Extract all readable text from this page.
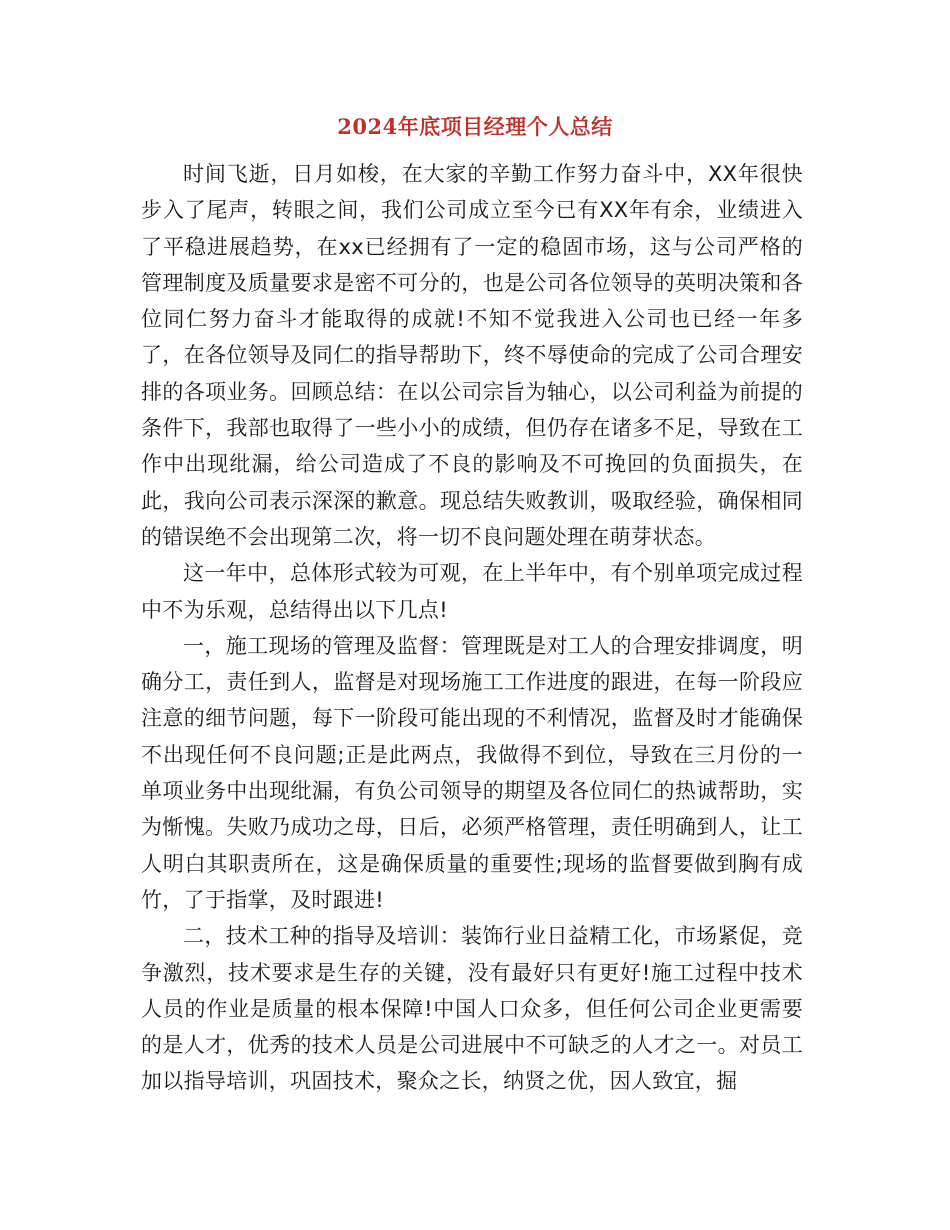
2024年底项目经理个人总结

时间飞逝，日月如梭，在大家的辛勤工作努力奋斗中，XX年很快步入了尾声，转眼之间，我们公司成立至今已有XX年有余，业绩进入了平稳进展趋势，在xx已经拥有了一定的稳固市场，这与公司严格的管理制度及质量要求是密不可分的，也是公司各位领导的英明决策和各位同仁努力奋斗才能取得的成就!不知不觉我进入公司也已经一年多了，在各位领导及同仁的指导帮助下，终不辱使命的完成了公司合理安排的各项业务。回顾总结：在以公司宗旨为轴心，以公司利益为前提的条件下，我部也取得了一些小小的成绩，但仍存在诸多不足，导致在工作中出现纰漏，给公司造成了不良的影响及不可挽回的负面损失，在此，我向公司表示深深的歉意。现总结失败教训，吸取经验，确保相同的错误绝不会出现第二次，将一切不良问题处理在萌芽状态。

这一年中，总体形式较为可观，在上半年中，有个别单项完成过程中不为乐观，总结得出以下几点!

一，施工现场的管理及监督：管理既是对工人的合理安排调度，明确分工，责任到人，监督是对现场施工工作进度的跟进，在每一阶段应注意的细节问题，每下一阶段可能出现的不利情况，监督及时才能确保不出现任何不良问题;正是此两点，我做得不到位，导致在三月份的一单项业务中出现纰漏，有负公司领导的期望及各位同仁的热诚帮助，实为惭愧。失败乃成功之母，日后，必须严格管理，责任明确到人，让工人明白其职责所在，这是确保质量的重要性;现场的监督要做到胸有成竹，了于指掌，及时跟进!

二，技术工种的指导及培训：装饰行业日益精工化，市场紧促，竞争激烈，技术要求是生存的关键，没有最好只有更好!施工过程中技术人员的作业是质量的根本保障!中国人口众多，但任何公司企业更需要的是人才，优秀的技术人员是公司进展中不可缺乏的人才之一。对员工加以指导培训，巩固技术，聚众之长，纳贤之优，因人致宜，掘
